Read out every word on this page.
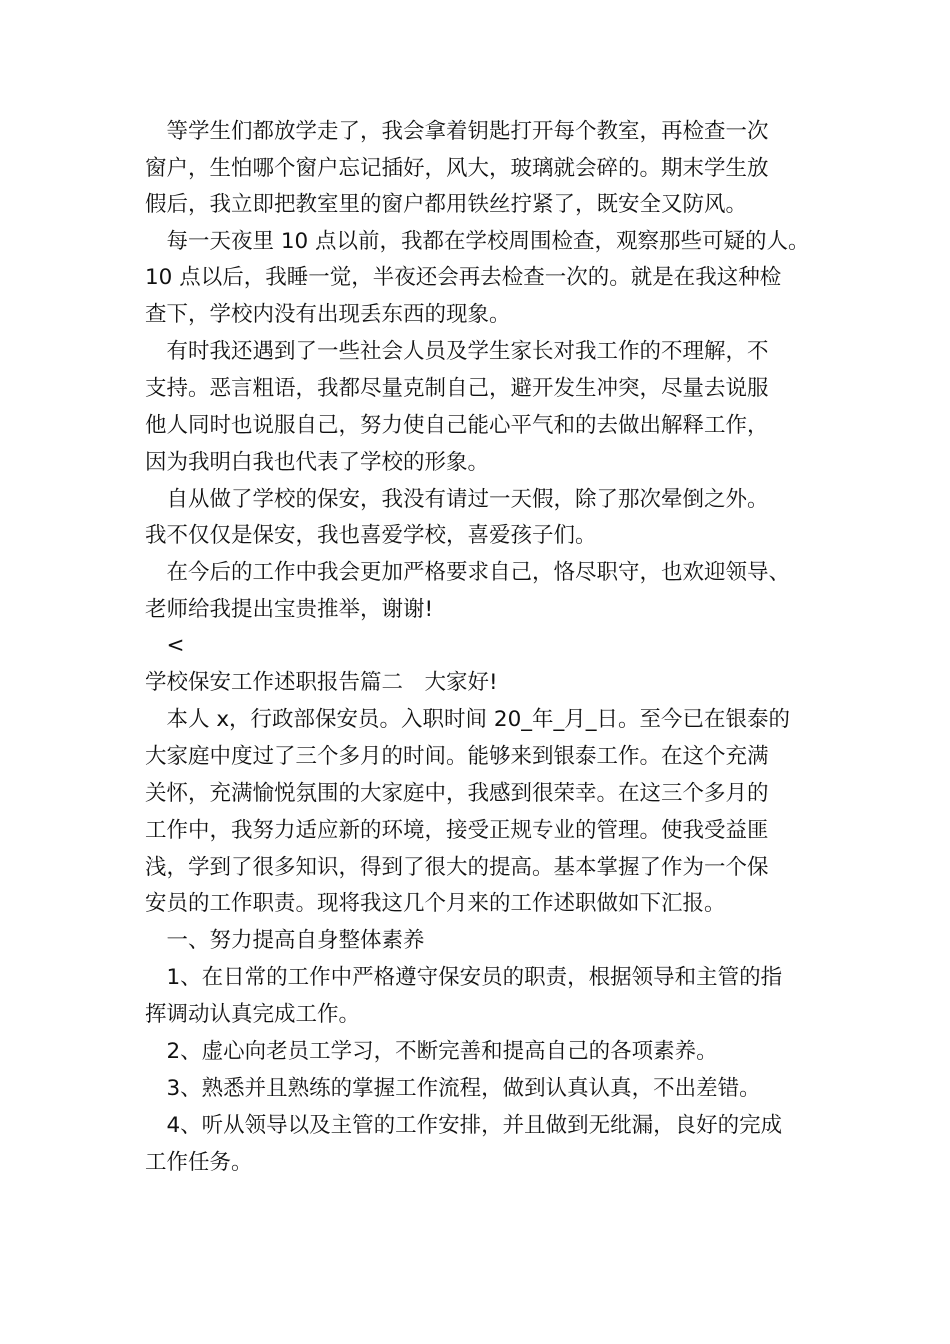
　等学生们都放学走了，我会拿着钥匙打开每个教室，再检查一次
窗户，生怕哪个窗户忘记插好，风大，玻璃就会碎的。期末学生放
假后，我立即把教室里的窗户都用铁丝拧紧了，既安全又防风。
　每一天夜里 10 点以前，我都在学校周围检查，观察那些可疑的人。
10 点以后，我睡一觉，半夜还会再去检查一次的。就是在我这种检
查下，学校内没有出现丢东西的现象。
　有时我还遇到了一些社会人员及学生家长对我工作的不理解，不
支持。恶言粗语，我都尽量克制自己，避开发生冲突，尽量去说服
他人同时也说服自己，努力使自己能心平气和的去做出解释工作，
因为我明白我也代表了学校的形象。
　自从做了学校的保安，我没有请过一天假，除了那次晕倒之外。
我不仅仅是保安，我也喜爱学校，喜爱孩子们。
　在今后的工作中我会更加严格要求自己，恪尽职守，也欢迎领导、
老师给我提出宝贵推举，谢谢!
　<
学校保安工作述职报告篇二　大家好!
　本人 x，行政部保安员。入职时间 20_年_月_日。至今已在银泰的
大家庭中度过了三个多月的时间。能够来到银泰工作。在这个充满
关怀，充满愉悦氛围的大家庭中，我感到很荣幸。在这三个多月的
工作中，我努力适应新的环境，接受正规专业的管理。使我受益匪
浅，学到了很多知识，得到了很大的提高。基本掌握了作为一个保
安员的工作职责。现将我这几个月来的工作述职做如下汇报。
　一、努力提高自身整体素养
　1、在日常的工作中严格遵守保安员的职责，根据领导和主管的指
挥调动认真完成工作。
　2、虚心向老员工学习，不断完善和提高自己的各项素养。
　3、熟悉并且熟练的掌握工作流程，做到认真认真，不出差错。
　4、听从领导以及主管的工作安排，并且做到无纰漏，良好的完成
工作任务。
